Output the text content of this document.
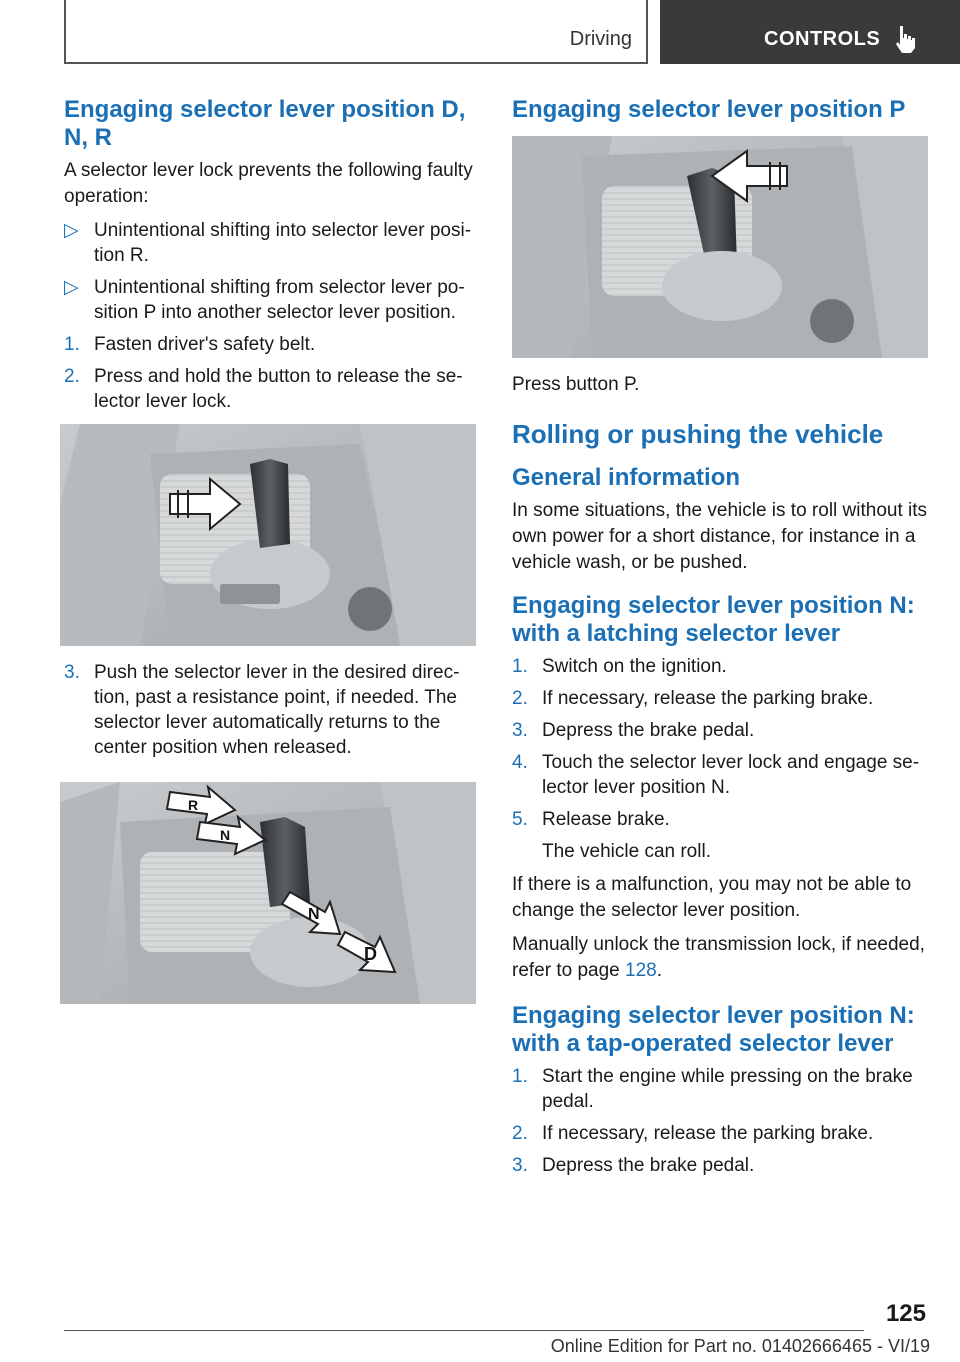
Driving	CONTROLS
Engaging selector lever position D, N, R

A selector lever lock prevents the following faulty operation:

▷ Unintentional shifting into selector lever posi‐tion R.
▷ Unintentional shifting from selector lever po‐sition P into another selector lever position.
1. Fasten driver's safety belt.
2. Press and hold the button to release the se‐lector lever lock.
3. Push the selector lever in the desired direc‐tion, past a resistance point, if needed. The selector lever automatically returns to the center position when released.
R
N
N
D
Engaging selector lever position P

Press button P.

Rolling or pushing the vehicle
General information

In some situations, the vehicle is to roll without its own power for a short distance, for instance in a vehicle wash, or be pushed.

Engaging selector lever position N: with a latching selector lever
1. Switch on the ignition.
2. If necessary, release the parking brake.
3. Depress the brake pedal.
4. Touch the selector lever lock and engage se‐lector lever position N.
5. Release brake.
The vehicle can roll.

If there is a malfunction, you may not be able to change the selector lever position.

Manually unlock the transmission lock, if needed, refer to page 128.

Engaging selector lever position N: with a tap-operated selector lever
1. Start the engine while pressing on the brake pedal.
2. If necessary, release the parking brake.
3. Depress the brake pedal.
125
Online Edition for Part no. 01402666465 - VI/19
